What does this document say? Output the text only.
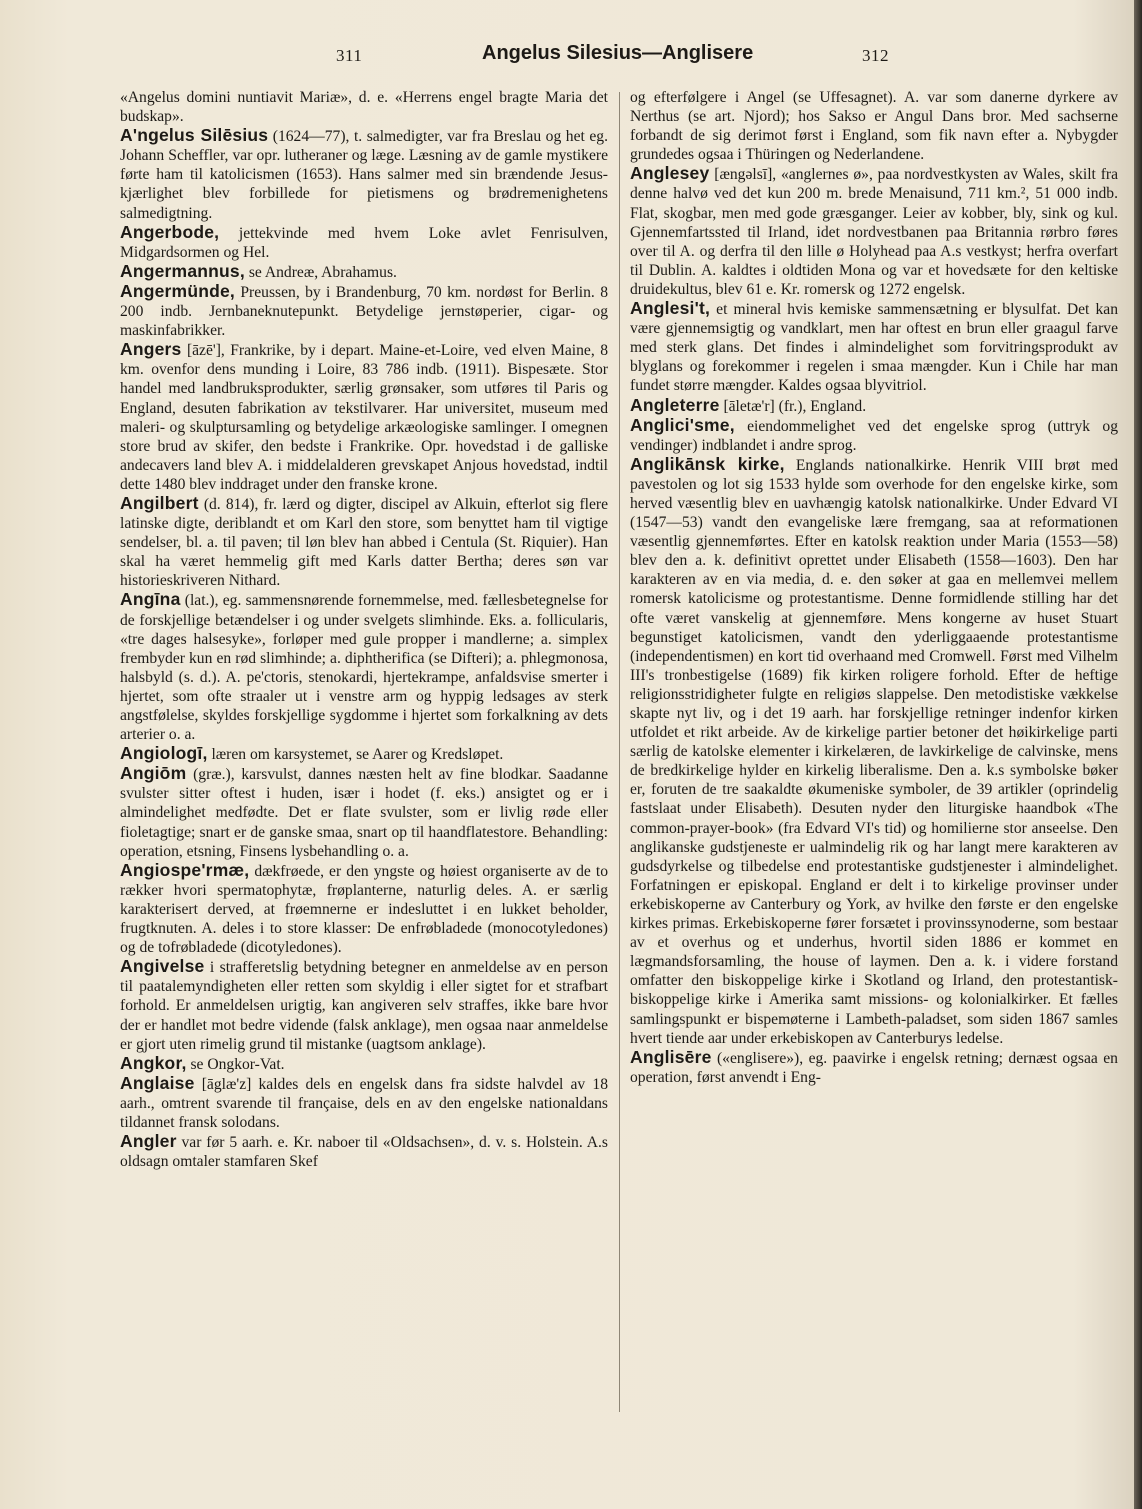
311	Angelus Silesius—Anglisere	312

«Angelus domini nuntiavit Mariæ», d. e. «Herrens engel bragte Maria det budskap».

A'ngelus Silēsius (1624—77), t. salmedigter, var fra Breslau og het eg. Johann Scheffler, var opr. lutheraner og læge. Læsning av de gamle mystikere førte ham til katolicismen (1653). Hans salmer med sin brændende Jesus-kjærlighet blev forbillede for pietismens og brødremenighetens salmedigtning.

Angerbode, jettekvinde med hvem Loke avlet Fenrisulven, Midgardsormen og Hel.

Angermannus, se Andreæ, Abrahamus.

Angermünde, Preussen, by i Brandenburg, 70 km. nordøst for Berlin. 8 200 indb. Jernbaneknutepunkt. Betydelige jernstøperier, cigar- og maskinfabrikker.

Angers [āzē'], Frankrike, by i depart. Maine-et-Loire, ved elven Maine, 8 km. ovenfor dens munding i Loire, 83 786 indb. (1911). Bispesæte. Stor handel med landbruksprodukter, særlig grønsaker, som utføres til Paris og England, desuten fabrikation av tekstilvarer. Har universitet, museum med maleri- og skulptursamling og betydelige arkæologiske samlinger. I omegnen store brud av skifer, den bedste i Frankrike. Opr. hovedstad i de galliske andecavers land blev A. i middelalderen grevskapet Anjous hovedstad, indtil dette 1480 blev inddraget under den franske krone.

Angilbert (d. 814), fr. lærd og digter, discipel av Alkuin, efterlot sig flere latinske digte, deriblandt et om Karl den store, som benyttet ham til vigtige sendelser, bl. a. til paven; til løn blev han abbed i Centula (St. Riquier). Han skal ha været hemmelig gift med Karls datter Bertha; deres søn var historieskriveren Nithard.

Angīna (lat.), eg. sammensnørende fornemmelse, med. fællesbetegnelse for de forskjellige betændelser i og under svelgets slimhinde. Eks. a. follicularis, «tre dages halsesyke», forløper med gule propper i mandlerne; a. simplex frembyder kun en rød slimhinde; a. diphtherifica (se Difteri); a. phlegmonosa, halsbyld (s. d.). A. pe'ctoris, stenokardi, hjertekrampe, anfaldsvise smerter i hjertet, som ofte straaler ut i venstre arm og hyppig ledsages av sterk angstfølelse, skyldes forskjellige sygdomme i hjertet som forkalkning av dets arterier o. a.

Angiologī, læren om karsystemet, se Aarer og Kredsløpet.

Angiōm (græ.), karsvulst, dannes næsten helt av fine blodkar. Saadanne svulster sitter oftest i huden, især i hodet (f. eks.) ansigtet og er i almindelighet medfødte. Det er flate svulster, som er livlig røde eller fioletagtige; snart er de ganske smaa, snart op til haandflatestore. Behandling: operation, etsning, Finsens lysbehandling o. a.

Angiospe'rmæ, dækfrøede, er den yngste og høiest organiserte av de to rækker hvori spermatophytæ, frøplanterne, naturlig deles. A. er særlig karakterisert derved, at frøemnerne er indesluttet i en lukket beholder, frugtknuten. A. deles i to store klasser: De enfrøbladede (monocotyledones) og de tofrøbladede (dicotyledones).

Angivelse i strafferetslig betydning betegner en anmeldelse av en person til paatalemyndigheten eller retten som skyldig i eller sigtet for et strafbart forhold. Er anmeldelsen urigtig, kan angiveren selv straffes, ikke bare hvor der er handlet mot bedre vidende (falsk anklage), men ogsaa naar anmeldelse er gjort uten rimelig grund til mistanke (uagtsom anklage).

Angkor, se Ongkor-Vat.

Anglaise [āglæ'z] kaldes dels en engelsk dans fra sidste halvdel av 18 aarh., omtrent svarende til française, dels en av den engelske nationaldans tildannet fransk solodans.

Angler var før 5 aarh. e. Kr. naboer til «Oldsachsen», d. v. s. Holstein. A.s oldsagn omtaler stamfaren Skef

og efterfølgere i Angel (se Uffesagnet). A. var som danerne dyrkere av Nerthus (se art. Njord); hos Sakso er Angul Dans bror. Med sachserne forbandt de sig derimot først i England, som fik navn efter a. Nybygder grundedes ogsaa i Thüringen og Nederlandene.

Anglesey [ængəlsī], «anglernes ø», paa nordvestkysten av Wales, skilt fra denne halvø ved det kun 200 m. brede Menaisund, 711 km.², 51 000 indb. Flat, skogbar, men med gode græsganger. Leier av kobber, bly, sink og kul. Gjennemfartssted til Irland, idet nordvestbanen paa Britannia rørbro føres over til A. og derfra til den lille ø Holyhead paa A.s vestkyst; herfra overfart til Dublin. A. kaldtes i oldtiden Mona og var et hovedsæte for den keltiske druidekultus, blev 61 e. Kr. romersk og 1272 engelsk.

Anglesi't, et mineral hvis kemiske sammensætning er blysulfat. Det kan være gjennemsigtig og vandklart, men har oftest en brun eller graagul farve med sterk glans. Det findes i almindelighet som forvitringsprodukt av blyglans og forekommer i regelen i smaa mængder. Kun i Chile har man fundet større mængder. Kaldes ogsaa blyvitriol.

Angleterre [āletæ'r] (fr.), England.

Anglici'sme, eiendommelighet ved det engelske sprog (uttryk og vendinger) indblandet i andre sprog.

Anglikānsk kirke, Englands nationalkirke. Henrik VIII brøt med pavestolen og lot sig 1533 hylde som overhode for den engelske kirke, som herved væsentlig blev en uavhængig katolsk nationalkirke. Under Edvard VI (1547—53) vandt den evangeliske lære fremgang, saa at reformationen væsentlig gjennemførtes. Efter en katolsk reaktion under Maria (1553—58) blev den a. k. definitivt oprettet under Elisabeth (1558—1603). Den har karakteren av en via media, d. e. den søker at gaa en mellemvei mellem romersk katolicisme og protestantisme. Denne formidlende stilling har det ofte været vanskelig at gjennemføre. Mens kongerne av huset Stuart begunstiget katolicismen, vandt den yderliggaaende protestantisme (independentismen) en kort tid overhaand med Cromwell. Først med Vilhelm III's tronbestigelse (1689) fik kirken roligere forhold. Efter de heftige religionsstridigheter fulgte en religiøs slappelse. Den metodistiske vækkelse skapte nyt liv, og i det 19 aarh. har forskjellige retninger indenfor kirken utfoldet et rikt arbeide. Av de kirkelige partier betoner det høikirkelige parti særlig de katolske elementer i kirkelæren, de lavkirkelige de calvinske, mens de bredkirkelige hylder en kirkelig liberalisme. Den a. k.s symbolske bøker er, foruten de tre saakaldte økumeniske symboler, de 39 artikler (oprindelig fastslaat under Elisabeth). Desuten nyder den liturgiske haandbok «The common-prayer-book» (fra Edvard VI's tid) og homilierne stor anseelse. Den anglikanske gudstjeneste er ualmindelig rik og har langt mere karakteren av gudsdyrkelse og tilbedelse end protestantiske gudstjenester i almindelighet. Forfatningen er episkopal. England er delt i to kirkelige provinser under erkebiskoperne av Canterbury og York, av hvilke den første er den engelske kirkes primas. Erkebiskoperne fører forsætet i provinssynoderne, som bestaar av et overhus og et underhus, hvortil siden 1886 er kommet en lægmandsforsamling, the house of laymen. Den a. k. i videre forstand omfatter den biskoppelige kirke i Skotland og Irland, den protestantisk-biskoppelige kirke i Amerika samt missions- og kolonialkirker. Et fælles samlingspunkt er bispemøterne i Lambeth-paladset, som siden 1867 samles hvert tiende aar under erkebiskopen av Canterburys ledelse.

Anglisēre («englisere»), eg. paavirke i engelsk retning; dernæst ogsaa en operation, først anvendt i Eng-
